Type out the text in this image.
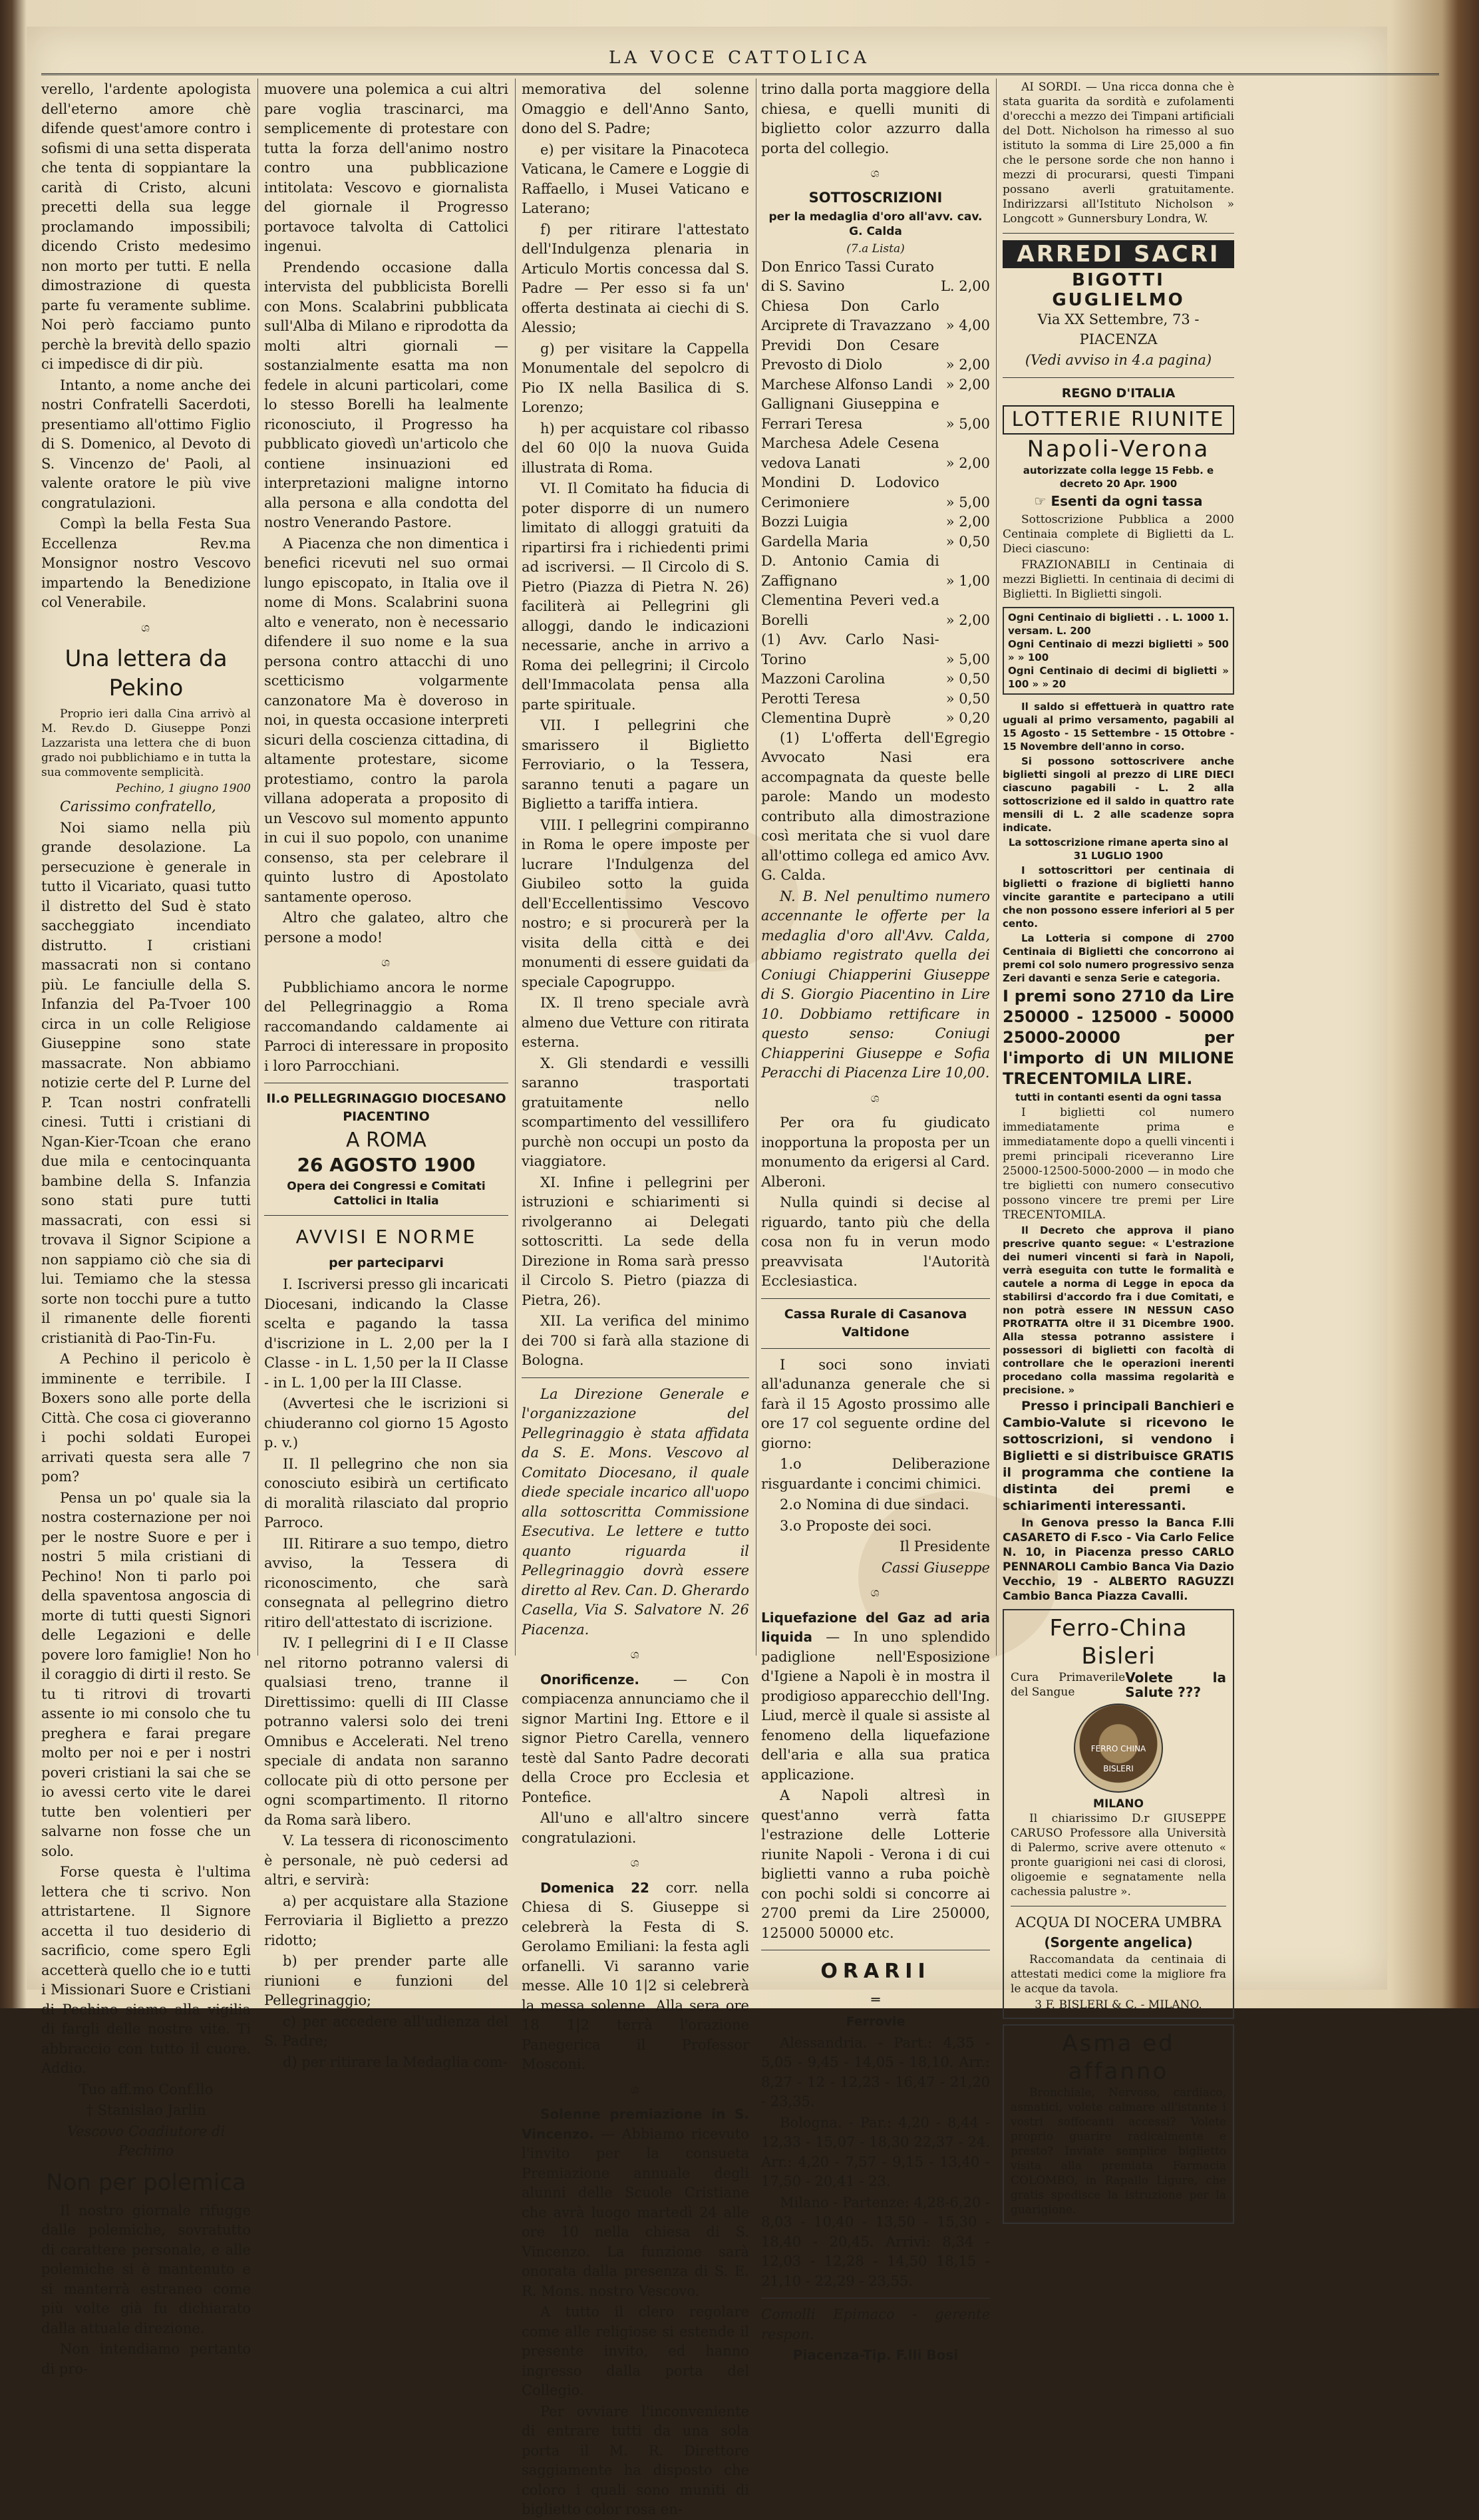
LA VOCE CATTOLICA

verello, l'ardente apologista dell'eterno amore chè difende quest'amore contro i sofismi di una setta disperata che tenta di soppiantare la carità di Cristo, alcuni precetti della sua legge proclamando impossibili; dicendo Cristo medesimo non morto per tutti. E nella dimostrazione di questa parte fu veramente sublime. Noi però facciamo punto perchè la brevità dello spazio ci impedisce di dir più.

Intanto, a nome anche dei nostri Confratelli Sacerdoti, presentiamo all'ottimo Figlio di S. Domenico, al Devoto di S. Vincenzo de' Paoli, al valente oratore le più vive congratulazioni.

Compì la bella Festa Sua Eccellenza Rev.ma Monsignor nostro Vescovo impartendo la Benedizione col Venerabile.

ශ
Una lettera da Pekino

Proprio ieri dalla Cina arrivò al M. Rev.do D. Giuseppe Ponzi Lazzarista una lettera che di buon grado noi pubblichiamo e in tutta la sua commovente semplicità.

Pechino, 1 giugno 1900

Carissimo confratello,

Noi siamo nella più grande desolazione. La persecuzione è generale in tutto il Vicariato, quasi tutto il distretto del Sud è stato saccheggiato incendiato distrutto. I cristiani massacrati non si contano più. Le fanciulle della S. Infanzia del Pa-Tvoer 100 circa in un colle Religiose Giuseppine sono state massacrate. Non abbiamo notizie certe del P. Lurne del P. Tcan nostri confratelli cinesi. Tutti i cristiani di Ngan-Kier-Tcoan che erano due mila e centocinquanta bambine della S. Infanzia sono stati pure tutti massacrati, con essi si trovava il Signor Scipione a non sappiamo ciò che sia di lui. Temiamo che la stessa sorte non tocchi pure a tutto il rimanente delle fiorenti cristianità di Pao-Tin-Fu.

A Pechino il pericolo è imminente e terribile. I Boxers sono alle porte della Città. Che cosa ci gioveranno i pochi soldati Europei arrivati questa sera alle 7 pom?

Pensa un po' quale sia la nostra costernazione per noi per le nostre Suore e per i nostri 5 mila cristiani di Pechino! Non ti parlo poi della spaventosa angoscia di morte di tutti questi Signori delle Legazioni e delle povere loro famiglie! Non ho il coraggio di dirti il resto. Se tu ti ritrovi di trovarti assente io mi consolo che tu preghera e farai pregare molto per noi e per i nostri poveri cristiani la sai che se io avessi certo vite le darei tutte ben volentieri per salvarne non fosse che un solo.

Forse questa è l'ultima lettera che ti scrivo. Non attristartene. Il Signore accetta il tuo desiderio di sacrificio, come spero Egli accetterà quello che io e tutti i Missionari Suore e Cristiani di Pechino siamo alla vigilia di fargli delle nostre vite. Ti abbraccio con tutto il cuore. Addio.

Tuo aff.mo Conf.llo

† Stanislao Jarlin

Vescovo Coadiutore di Pechino

Non per polemica

Il nostro giornale rifugge dalle polemiche, sovratutto di carattere personale, e alle polemiche si è mantenuto e si manterrà estraneo come più volte già fu dichiarato dalla attuale direzione.

Non intendiamo pertanto di pro-

muovere una polemica a cui altri pare voglia trascinarci, ma semplicemente di protestare con tutta la forza dell'animo nostro contro una pubblicazione intitolata: Vescovo e giornalista del giornale il Progresso portavoce talvolta di Cattolici ingenui.

Prendendo occasione dalla intervista del pubblicista Borelli con Mons. Scalabrini pubblicata sull'Alba di Milano e riprodotta da molti altri giornali — sostanzialmente esatta ma non fedele in alcuni particolari, come lo stesso Borelli ha lealmente riconosciuto, il Progresso ha pubblicato giovedì un'articolo che contiene insinuazioni ed interpretazioni maligne intorno alla persona e alla condotta del nostro Venerando Pastore.

A Piacenza che non dimentica i benefici ricevuti nel suo ormai lungo episcopato, in Italia ove il nome di Mons. Scalabrini suona alto e venerato, non è necessario difendere il suo nome e la sua persona contro attacchi di uno scetticismo volgarmente canzonatore Ma è doveroso in noi, in questa occasione interpreti sicuri della coscienza cittadina, di altamente protestare, sicome protestiamo, contro la parola villana adoperata a proposito di un Vescovo sul momento appunto in cui il suo popolo, con unanime consenso, sta per celebrare il quinto lustro di Apostolato santamente operoso.

Altro che galateo, altro che persone a modo!

ශ

Pubblichiamo ancora le norme del Pellegrinaggio a Roma raccomandando caldamente ai Parroci di interessare in proposito i loro Parrocchiani.

II.o PELLEGRINAGGIO DIOCESANO PIACENTINO
A ROMA
26 AGOSTO 1900
Opera dei Congressi e Comitati Cattolici in Italia
AVVISI E NORME
per parteciparvi

I. Iscriversi presso gli incaricati Diocesani, indicando la Classe scelta e pagando la tassa d'iscrizione in L. 2,00 per la I Classe - in L. 1,50 per la II Classe - in L. 1,00 per la III Classe.

(Avvertesi che le iscrizioni si chiuderanno col giorno 15 Agosto p. v.)

II. Il pellegrino che non sia conosciuto esibirà un certificato di moralità rilasciato dal proprio Parroco.

III. Ritirare a suo tempo, dietro avviso, la Tessera di riconoscimento, che sarà consegnata al pellegrino dietro ritiro dell'attestato di iscrizione.

IV. I pellegrini di I e II Classe nel ritorno potranno valersi di qualsiasi treno, tranne il Direttissimo: quelli di III Classe potranno valersi solo dei treni Omnibus e Accelerati. Nel treno speciale di andata non saranno collocate più di otto persone per ogni scompartimento. Il ritorno da Roma sarà libero.

V. La tessera di riconoscimento è personale, nè può cedersi ad altri, e servirà:

a) per acquistare alla Stazione Ferroviaria il Biglietto a prezzo ridotto;

b) per prender parte alle riunioni e funzioni del Pellegrinaggio;

c) per accedere all'udienza del S. Padre;

d) per ritirare la Medaglia com-

memorativa del solenne Omaggio e dell'Anno Santo, dono del S. Padre;

e) per visitare la Pinacoteca Vaticana, le Camere e Loggie di Raffaello, i Musei Vaticano e Laterano;

f) per ritirare l'attestato dell'Indulgenza plenaria in Articulo Mortis concessa dal S. Padre — Per esso si fa un' offerta destinata ai ciechi di S. Alessio;

g) per visitare la Cappella Monumentale del sepolcro di Pio IX nella Basilica di S. Lorenzo;

h) per acquistare col ribasso del 60 0|0 la nuova Guida illustrata di Roma.

VI. Il Comitato ha fiducia di poter disporre di un numero limitato di alloggi gratuiti da ripartirsi fra i richiedenti primi ad iscriversi. — Il Circolo di S. Pietro (Piazza di Pietra N. 26) faciliterà ai Pellegrini gli alloggi, dando le indicazioni necessarie, anche in arrivo a Roma dei pellegrini; il Circolo dell'Immacolata pensa alla parte spirituale.

VII. I pellegrini che smarissero il Biglietto Ferroviario, o la Tessera, saranno tenuti a pagare un Biglietto a tariffa intiera.

VIII. I pellegrini compiranno in Roma le opere imposte per lucrare l'Indulgenza del Giubileo sotto la guida dell'Eccellentissimo Vescovo nostro; e si procurerà per la visita della città e dei monumenti di essere guidati da speciale Capogruppo.

IX. Il treno speciale avrà almeno due Vetture con ritirata esterna.

X. Gli stendardi e vessilli saranno trasportati gratuitamente nello scompartimento del vessillifero purchè non occupi un posto da viaggiatore.

XI. Infine i pellegrini per istruzioni e schiarimenti si rivolgeranno ai Delegati sottoscritti. La sede della Direzione in Roma sarà presso il Circolo S. Pietro (piazza di Pietra, 26).

XII. La verifica del minimo dei 700 si farà alla stazione di Bologna.

La Direzione Generale e l'organizzazione del Pellegrinaggio è stata affidata da S. E. Mons. Vescovo al Comitato Diocesano, il quale diede speciale incarico all'uopo alla sottoscritta Commissione Esecutiva. Le lettere e tutto quanto riguarda il Pellegrinaggio dovrà essere diretto al Rev. Can. D. Gherardo Casella, Via S. Salvatore N. 26 Piacenza.

ශ

Onorificenze. — Con compiacenza annunciamo che il signor Martini Ing. Ettore e il signor Pietro Carella, vennero testè dal Santo Padre decorati della Croce pro Ecclesia et Pontefice.

All'uno e all'altro sincere congratulazioni.

ශ

Domenica 22 corr. nella Chiesa di S. Giuseppe si celebrerà la Festa di S. Gerolamo Emiliani: la festa agli orfanelli. Vi saranno varie messe. Alle 10 1|2 si celebrerà la messa solenne. Alla sera ore 18 1|2 terrà l'orazione Panegerica il Professor Mosconi.

ශ

Solenne premiazione in S. Vincenzo. — Abbiamo ricevuto l'invito per la consueta Premiazione annuale degli alunni delle Scuole Cristiane che avrà luogo martedì 24 alle ore 10 nella chiesa di S. Vincenzo. La funzione sarà onorata dalla presenza di S. E. R. Mons. nostro Vescovo.

A tutto il clero regolare come alle religiose si estende il presente invito, ed hanno ingresso dalla porta del Collegio.

Per ovviare l'inconveniente di entrare tutti da una sola porta il M. R. Direttore saggiamente ha disposto che coloro i quali sono muniti di biglietto color rosa en-

trino dalla porta maggiore della chiesa, e quelli muniti di biglietto color azzurro dalla porta del collegio.

ශ
SOTTOSCRIZIONI
per la medaglia d'oro all'avv. cav. G. Calda

(7.a Lista)

Don Enrico Tassi Curato di S. Savino	L. 2,00
Chiesa Don Carlo Arciprete di Travazzano	» 4,00
Previdi Don Cesare Prevosto di Diolo	» 2,00
Marchese Alfonso Landi » 2,00
Gallignani Giuseppina e Ferrari Teresa	» 5,00
Marchesa Adele Cesena vedova Lanati	» 2,00
Mondini D. Lodovico Cerimoniere	» 5,00
Bozzi Luigia	» 2,00
Gardella Maria	» 0,50
D. Antonio Camia di Zaffignano	» 1,00
Clementina Peveri ved.a Borelli	» 2,00
(1) Avv. Carlo Nasi-Torino	» 5,00
Mazzoni Carolina	» 0,50
Perotti Teresa	» 0,50
Clementina Duprè	» 0,20

(1) L'offerta dell'Egregio Avvocato Nasi era accompagnata da queste belle parole: Mando un modesto contributo alla dimostrazione così meritata che si vuol dare all'ottimo collega ed amico Avv. G. Calda.

N. B. Nel penultimo numero accennante le offerte per la medaglia d'oro all'Avv. Calda, abbiamo registrato quella dei Coniugi Chiapperini Giuseppe di S. Giorgio Piacentino in Lire 10. Dobbiamo rettificare in questo senso: Coniugi Chiapperini Giuseppe e Sofia Peracchi di Piacenza Lire 10,00.

ශ

Per ora fu giudicato inopportuna la proposta per un monumento da erigersi al Card. Alberoni.

Nulla quindi si decise al riguardo, tanto più che della cosa non fu in verun modo preavvisata l'Autorità Ecclesiastica.

Cassa Rurale di Casanova Valtidone

I soci sono inviati all'adunanza generale che si farà il 15 Agosto prossimo alle ore 17 col seguente ordine del giorno:

1.o Deliberazione risguardante i concimi chimici.

2.o Nomina di due sindaci.

3.o Proposte dei soci.

Il Presidente

Cassi Giuseppe

ශ

Liquefazione del Gaz ad aria liquida — In uno splendido padiglione nell'Esposizione d'Igiene a Napoli è in mostra il prodigioso apparecchio dell'Ing. Liud, mercè il quale si assiste al fenomeno della liquefazione dell'aria e alla sua pratica applicazione.

A Napoli altresì in quest'anno verrà fatta l'estrazione delle Lotterie riunite Napoli - Verona i di cui biglietti vanno a ruba poichè con pochi soldi si concorre ai 2700 premi da Lire 250000, 125000 50000 etc.

ORARII
═
Ferrovie

Alessandria. - Part.: 4,35 - 5,05 - 9,45 - 14,05 - 18,10. Arr.: 8,27 - 12 - 12,23 - 16,47 - 21,20 - 23,35.

Bologna. - Par.: 4,20 - 8,44 - 12,33 - 15,07 - 18,30 22,37 - 24. Arr.: 4,20 - 7,57 - 9,15 - 13,40 - 17,50 - 20,41 - 23.

Milano - Partenze: 4,28-6,20 - 8,03 - 10,40 - 13,50 - 15,30 - 18,40 - 20,45. Arrivi: 8,34 - 12,03 - 12,28 - 14,50 18,15 - 21,10 - 22,29 - 23,55.

Comolli Epimaco - gerente respon.

Piacenza-Tip. F.lli Bosi

AI SORDI. — Una ricca donna che è stata guarita da sordità e zufolamenti d'orecchi a mezzo dei Timpani artificiali del Dott. Nicholson ha rimesso al suo istituto la somma di Lire 25,000 a fin che le persone sorde che non hanno i mezzi di procurarsi, questi Timpani possano averli gratuitamente. Indirizzarsi all'Istituto Nicholson » Longcott » Gunnersbury Londra, W.

ARREDI SACRI
BIGOTTI GUGLIELMO

Via XX Settembre, 73 - PIACENZA

(Vedi avviso in 4.a pagina)

REGNO D'ITALIA
LOTTERIE RIUNITE
Napoli-Verona

autorizzate colla legge 15 Febb. e decreto 20 Apr. 1900

☞ Esenti da ogni tassa

Sottoscrizione Pubblica a 2000 Centinaia complete di Biglietti da L. Dieci ciascuno:

FRAZIONABILI in Centinaia di mezzi Biglietti. In centinaia di decimi di Biglietti. In Biglietti singoli.

Ogni Centinaio di biglietti . . L. 1000 1. versam. L. 200
Ogni Centinaio di mezzi biglietti » 500 » » 100
Ogni Centinaio di decimi di biglietti » 100 » » 20

Il saldo si effettuerà in quattro rate uguali al primo versamento, pagabili al 15 Agosto - 15 Settembre - 15 Ottobre - 15 Novembre dell'anno in corso.

Si possono sottoscrivere anche biglietti singoli al prezzo di LIRE DIECI ciascuno pagabili - L. 2 alla sottoscrizione ed il saldo in quattro rate mensili di L. 2 alle scadenze sopra indicate.

La sottoscrizione rimane aperta sino al 31 LUGLIO 1900

I sottoscrittori per centinaia di biglietti o frazione di biglietti hanno vincite garantite e partecipano a utili che non possono essere inferiori al 5 per cento.

La Lotteria si compone di 2700 Centinaia di Biglietti che concorrono ai premi col solo numero progressivo senza Zeri davanti e senza Serie e categoria.

I premi sono 2710 da Lire 250000 - 125000 - 50000 25000-20000 per l'importo di UN MILIONE TRECENTOMILA LIRE.

tutti in contanti esenti da ogni tassa

I biglietti col numero immediatamente prima e immediatamente dopo a quelli vincenti i premi principali riceveranno Lire 25000-12500-5000-2000 — in modo che tre biglietti con numero consecutivo possono vincere tre premi per Lire TRECENTOMILA.

Il Decreto che approva il piano prescrive quanto segue: « L'estrazione dei numeri vincenti si farà in Napoli, verrà eseguita con tutte le formalità e cautele a norma di Legge in epoca da stabilirsi d'accordo fra i due Comitati, e non potrà essere IN NESSUN CASO PROTRATTA oltre il 31 Dicembre 1900. Alla stessa potranno assistere i possessori di biglietti con facoltà di controllare che le operazioni inerenti procedano colla massima regolarità e precisione. »

Presso i principali Banchieri e Cambio-Valute si ricevono le sottoscrizioni, si vendono i Biglietti e si distribuisce GRATIS il programma che contiene la distinta dei premi e schiarimenti interessanti.

In Genova presso la Banca F.lli CASARETO di F.sco - Via Carlo Felice N. 10, in Piacenza presso CARLO PENNAROLI Cambio Banca Via Dazio Vecchio, 19 - ALBERTO RAGUZZI Cambio Banca Piazza Cavalli.

Ferro-China Bisleri
Cura Primaverile del Sangue
Volete la Salute ???
FERRO CHINA BISLERI
MILANO

Il chiarissimo D.r GIUSEPPE CARUSO Professore alla Università di Palermo, scrive avere ottenuto « pronte guarigioni nei casi di clorosi, oligoemie e segnatamente nella cachessia palustre ».

ACQUA DI NOCERA UMBRA
(Sorgente angelica)

Raccomandata da centinaia di attestati medici come la migliore fra le acque da tavola.

3 F. BISLERI & C. - MILANO.

Asma ed affanno

Bronchiale, Nervoso, cardiaco, asmatici, volete calmare all'istante i vostri soffocanti accessi? Volete proprio guarire radicalmente e presto? Inviate semplice biglietto visita alla premiata Farmacia COLOMBO, in Rapallo Ligure, che gratis spedisce la istruzione per la guarigione.
